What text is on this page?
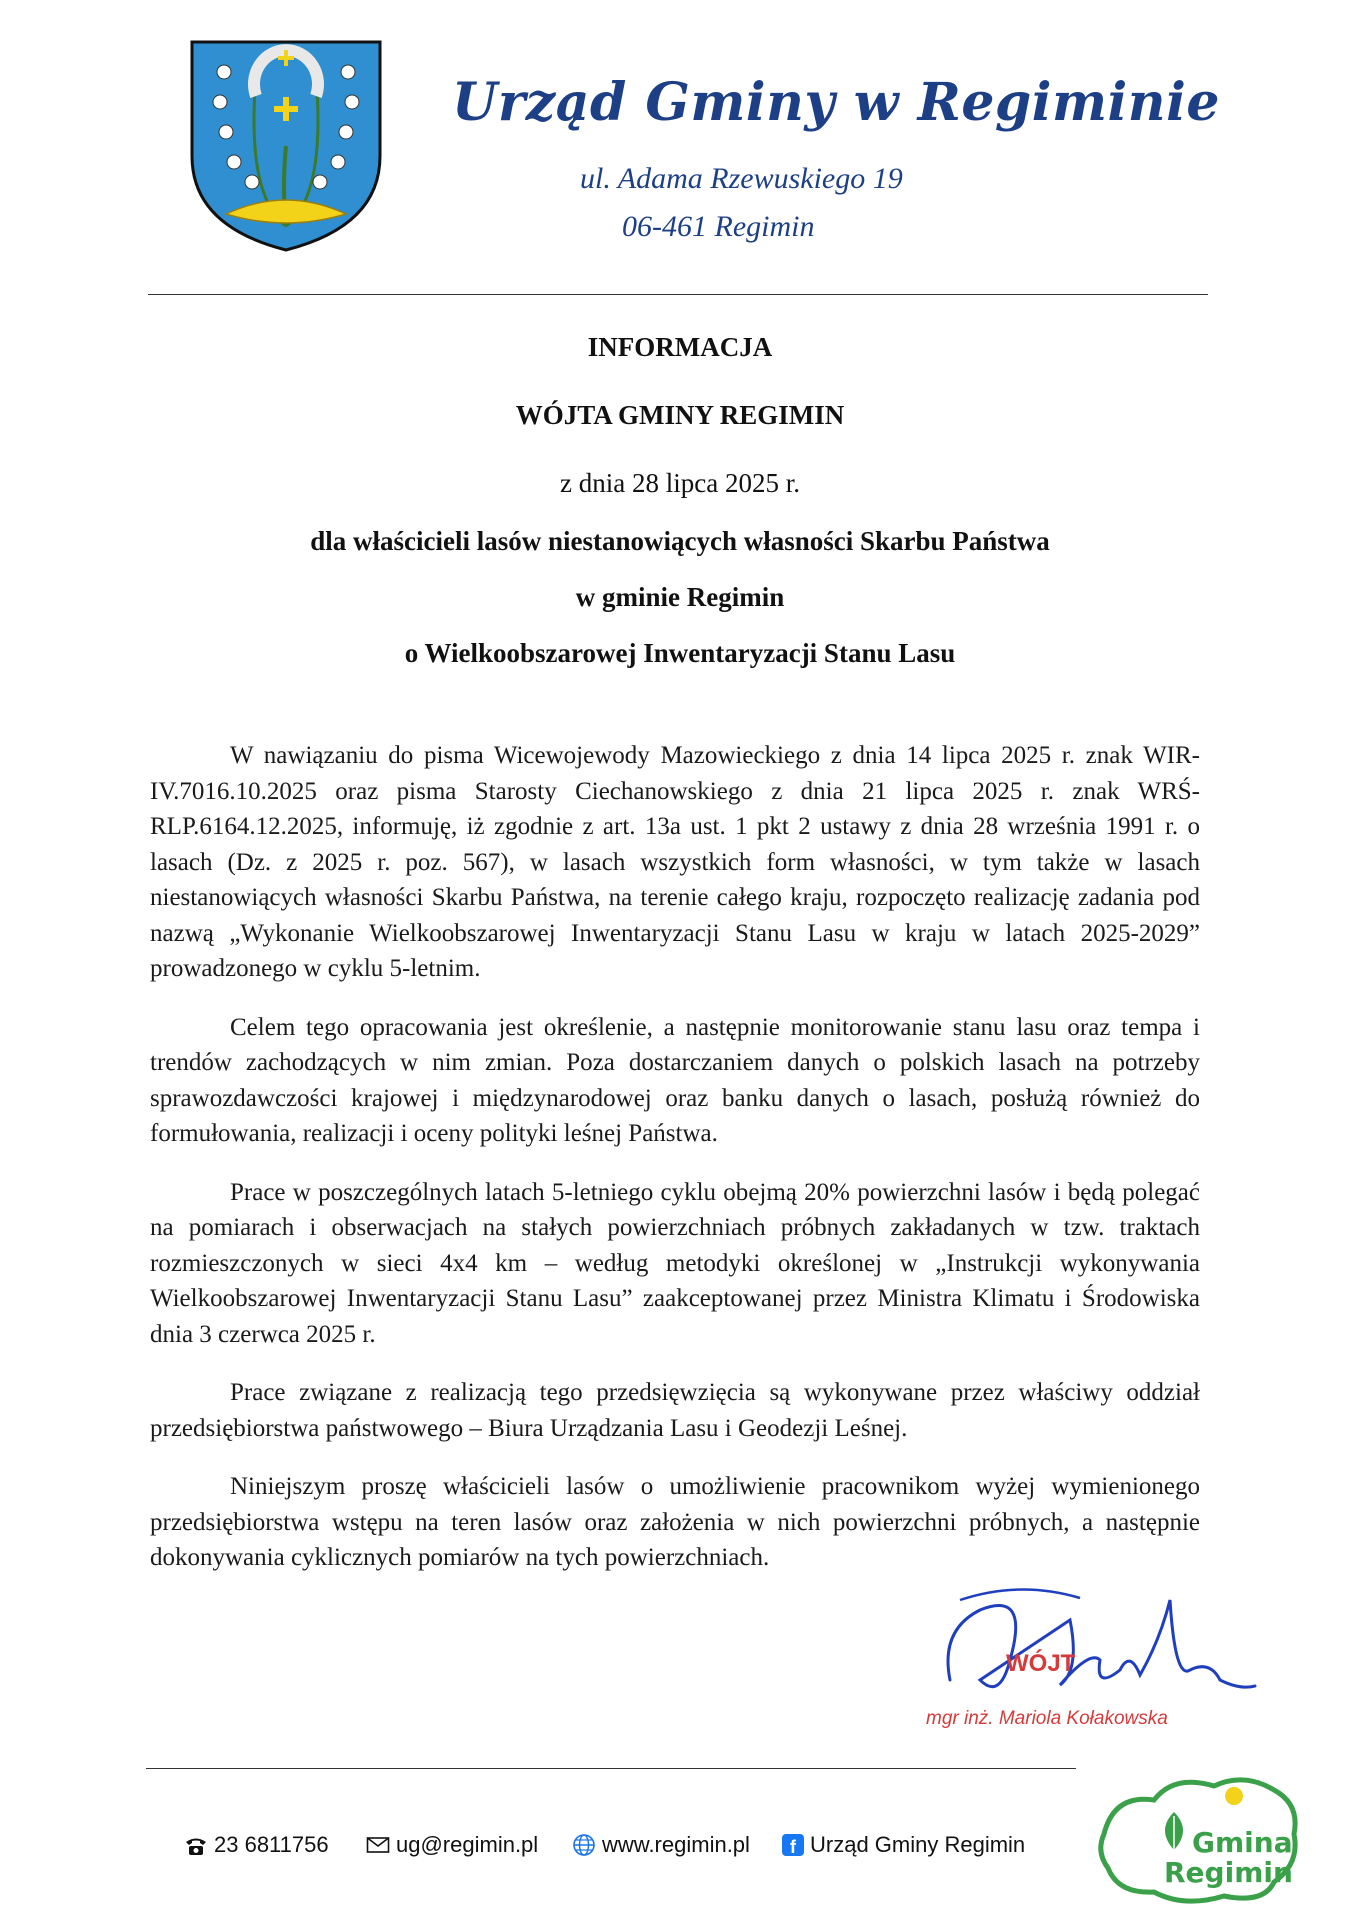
Urząd Gminy w Regiminie
ul. Adama Rzewuskiego 19
06-461 Regimin
INFORMACJA
WÓJTA GMINY REGIMIN
z dnia 28 lipca 2025 r.
dla właścicieli lasów niestanowiących własności Skarbu Państwa
w gminie Regimin
o Wielkoobszarowej Inwentaryzacji Stanu Lasu

W nawiązaniu do pisma Wicewojewody Mazowieckiego z dnia 14 lipca 2025 r. znak WIR-IV.7016.10.2025 oraz pisma Starosty Ciechanowskiego z dnia 21 lipca 2025 r. znak WRŚ-RLP.6164.12.2025, informuję, iż zgodnie z art. 13a ust. 1 pkt 2 ustawy z dnia 28 września 1991 r. o lasach (Dz. z 2025 r. poz. 567), w lasach wszystkich form własności, w tym także w lasach niestanowiących własności Skarbu Państwa, na terenie całego kraju, rozpoczęto realizację zadania pod nazwą „Wykonanie Wielkoobszarowej Inwentaryzacji Stanu Lasu w kraju w latach 2025-2029” prowadzonego w cyklu 5-letnim.

Celem tego opracowania jest określenie, a następnie monitorowanie stanu lasu oraz tempa i trendów zachodzących w nim zmian. Poza dostarczaniem danych o polskich lasach na potrzeby sprawozdawczości krajowej i międzynarodowej oraz banku danych o lasach, posłużą również do formułowania, realizacji i oceny polityki leśnej Państwa.

Prace w poszczególnych latach 5-letniego cyklu obejmą 20% powierzchni lasów i będą polegać na pomiarach i obserwacjach na stałych powierzchniach próbnych zakładanych w tzw. traktach rozmieszczonych w sieci 4x4 km – według metodyki określonej w „Instrukcji wykonywania Wielkoobszarowej Inwentaryzacji Stanu Lasu” zaakceptowanej przez Ministra Klimatu i Środowiska dnia 3 czerwca 2025 r.

Prace związane z realizacją tego przedsięwzięcia są wykonywane przez właściwy oddział przedsiębiorstwa państwowego – Biura Urządzania Lasu i Geodezji Leśnej.

Niniejszym proszę właścicieli lasów o umożliwienie pracownikom wyżej wymienionego przedsiębiorstwa wstępu na teren lasów oraz założenia w nich powierzchni próbnych, a następnie dokonywania cyklicznych pomiarów na tych powierzchniach.

WÓJT
mgr inż. Mariola Kołakowska
23 6811756	ug@regimin.pl	www.regimin.pl	f Urząd Gminy Regimin	Gmina
Regimin
